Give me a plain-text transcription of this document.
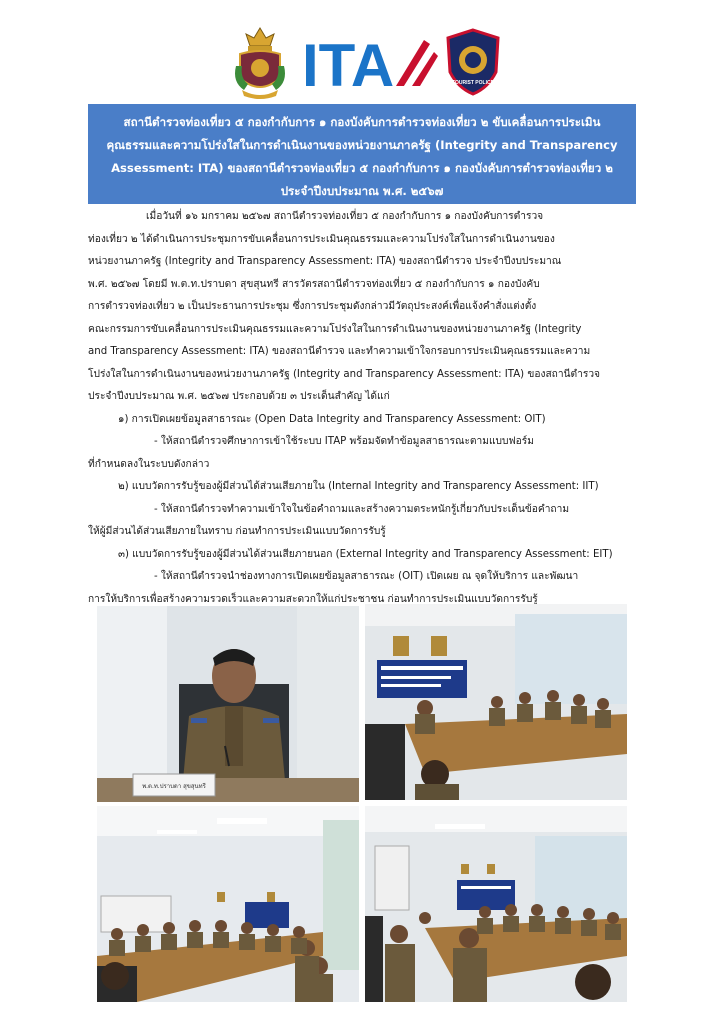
ITA	TOURIST POLICE

สถานีตำรวจท่องเที่ยว ๕ กองกำกับการ ๑ กองบังคับการตำรวจท่องเที่ยว ๒ ขับเคลื่อนการประเมิน

คุณธรรมและความโปร่งใสในการดำเนินงานของหน่วยงานภาครัฐ (Integrity and Transparency

Assessment: ITA) ของสถานีตำรวจท่องเที่ยว ๕ กองกำกับการ ๑ กองบังคับการตำรวจท่องเที่ยว ๒

ประจำปีงบประมาณ พ.ศ. ๒๕๖๗

เมื่อวันที่ ๑๖ มกราคม ๒๕๖๗ สถานีตำรวจท่องเที่ยว ๕ กองกำกับการ ๑ กองบังคับการตำรวจ

ท่องเที่ยว ๒ ได้ดำเนินการประชุมการขับเคลื่อนการประเมินคุณธรรมและความโปร่งใสในการดำเนินงานของ

หน่วยงานภาครัฐ (Integrity and Transparency Assessment: ITA) ของสถานีตำรวจ ประจำปีงบประมาณ

พ.ศ. ๒๕๖๗ โดยมี พ.ต.ท.ปราบดา สุขสุนทรี สารวัตรสถานีตำรวจท่องเที่ยว ๕ กองกำกับการ ๑ กองบังคับ

การตำรวจท่องเที่ยว ๒ เป็นประธานการประชุม ซึ่งการประชุมดังกล่าวมีวัตถุประสงค์เพื่อแจ้งคำสั่งแต่งตั้ง

คณะกรรมการขับเคลื่อนการประเมินคุณธรรมและความโปร่งใสในการดำเนินงานของหน่วยงานภาครัฐ (Integrity

and Transparency Assessment: ITA) ของสถานีตำรวจ และทำความเข้าใจกรอบการประเมินคุณธรรมและความ

โปร่งใสในการดำเนินงานของหน่วยงานภาครัฐ (Integrity and Transparency Assessment: ITA) ของสถานีตำรวจ

ประจำปีงบประมาณ พ.ศ. ๒๕๖๗ ประกอบด้วย ๓ ประเด็นสำคัญ ได้แก่

๑) การเปิดเผยข้อมูลสาธารณะ (Open Data Integrity and Transparency Assessment: OIT)

- ให้สถานีตำรวจศึกษาการเข้าใช้ระบบ ITAP พร้อมจัดทำข้อมูลสาธารณะตามแบบฟอร์ม

ที่กำหนดลงในระบบดังกล่าว

๒) แบบวัดการรับรู้ของผู้มีส่วนได้ส่วนเสียภายใน (Internal Integrity and Transparency Assessment: IIT)

- ให้สถานีตำรวจทำความเข้าใจในข้อคำถามและสร้างความตระหนักรู้เกี่ยวกับประเด็นข้อคำถาม

ให้ผู้มีส่วนได้ส่วนเสียภายในทราบ ก่อนทำการประเมินแบบวัดการรับรู้

๓) แบบวัดการรับรู้ของผู้มีส่วนได้ส่วนเสียภายนอก (External Integrity and Transparency Assessment: EIT)

- ให้สถานีตำรวจนำช่องทางการเปิดเผยข้อมูลสาธารณะ (OIT) เปิดเผย ณ จุดให้บริการ และพัฒนา

การให้บริการเพื่อสร้างความรวดเร็วและความสะดวกให้แก่ประชาชน ก่อนทำการประเมินแบบวัดการรับรู้

พ.ต.ท.ปราบดา สุขสุนทรี
